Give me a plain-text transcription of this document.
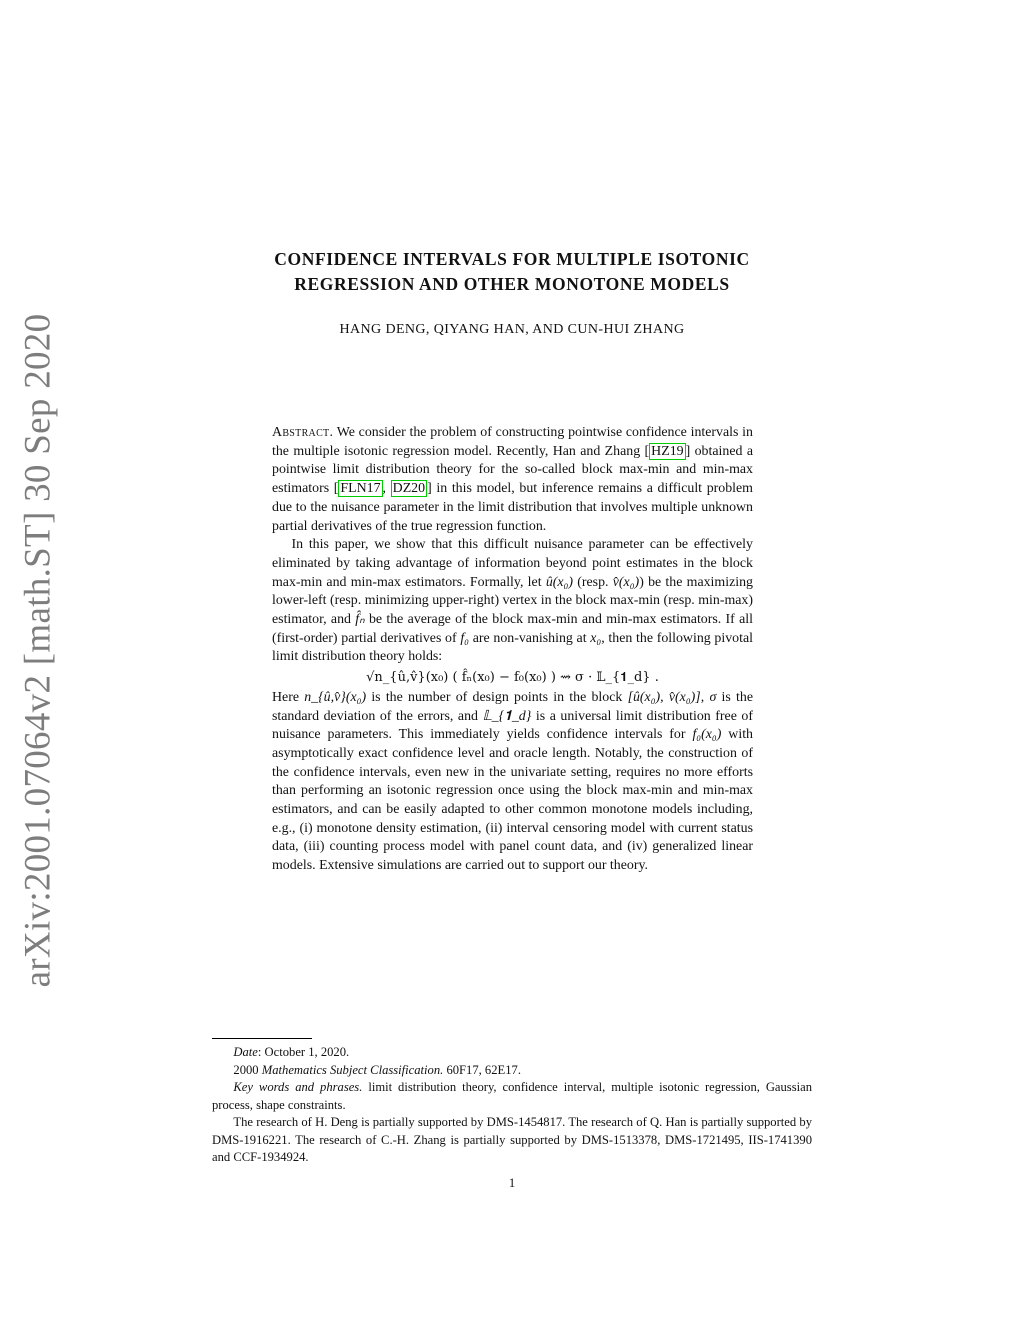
arXiv:2001.07064v2 [math.ST] 30 Sep 2020
CONFIDENCE INTERVALS FOR MULTIPLE ISOTONIC
REGRESSION AND OTHER MONOTONE MODELS
HANG DENG, QIYANG HAN, AND CUN-HUI ZHANG

Abstract. We consider the problem of constructing pointwise confidence intervals in the multiple isotonic regression model. Recently, Han and Zhang [ HZ19 ] obtained a pointwise limit distribution theory for the so-called block max-min and min-max estimators [ FLN17 , DZ20 ] in this model, but inference remains a difficult problem due to the nuisance parameter in the limit distribution that involves multiple unknown partial derivatives of the true regression function.

In this paper, we show that this difficult nuisance parameter can be effectively eliminated by taking advantage of information beyond point estimates in the block max-min and min-max estimators. Formally, let û(x₀) (resp. v̂(x₀)) be the maximizing lower-left (resp. minimizing upper-right) vertex in the block max-min (resp. min-max) estimator, and f̂ₙ be the average of the block max-min and min-max estimators. If all (first-order) partial derivatives of f₀ are non-vanishing at x₀, then the following pivotal limit distribution theory holds:

√n_{û,v̂}(x₀) ( f̂ₙ(x₀) − f₀(x₀) ) ⇝ σ · 𝕃_{𝟏_d} .

Here n_{û,v̂}(x₀) is the number of design points in the block [û(x₀), v̂(x₀)], σ is the standard deviation of the errors, and 𝕃_{𝟏_d} is a universal limit distribution free of nuisance parameters. This immediately yields confidence intervals for f₀(x₀) with asymptotically exact confidence level and oracle length. Notably, the construction of the confidence intervals, even new in the univariate setting, requires no more efforts than performing an isotonic regression once using the block max-min and min-max estimators, and can be easily adapted to other common monotone models including, e.g., (i) monotone density estimation, (ii) interval censoring model with current status data, (iii) counting process model with panel count data, and (iv) generalized linear models. Extensive simulations are carried out to support our theory.

Date: October 1, 2020.

2000 Mathematics Subject Classification. 60F17, 62E17.

Key words and phrases. limit distribution theory, confidence interval, multiple isotonic regression, Gaussian process, shape constraints.

The research of H. Deng is partially supported by DMS-1454817. The research of Q. Han is partially supported by DMS-1916221. The research of C.-H. Zhang is partially supported by DMS-1513378, DMS-1721495, IIS-1741390 and CCF-1934924.

1
